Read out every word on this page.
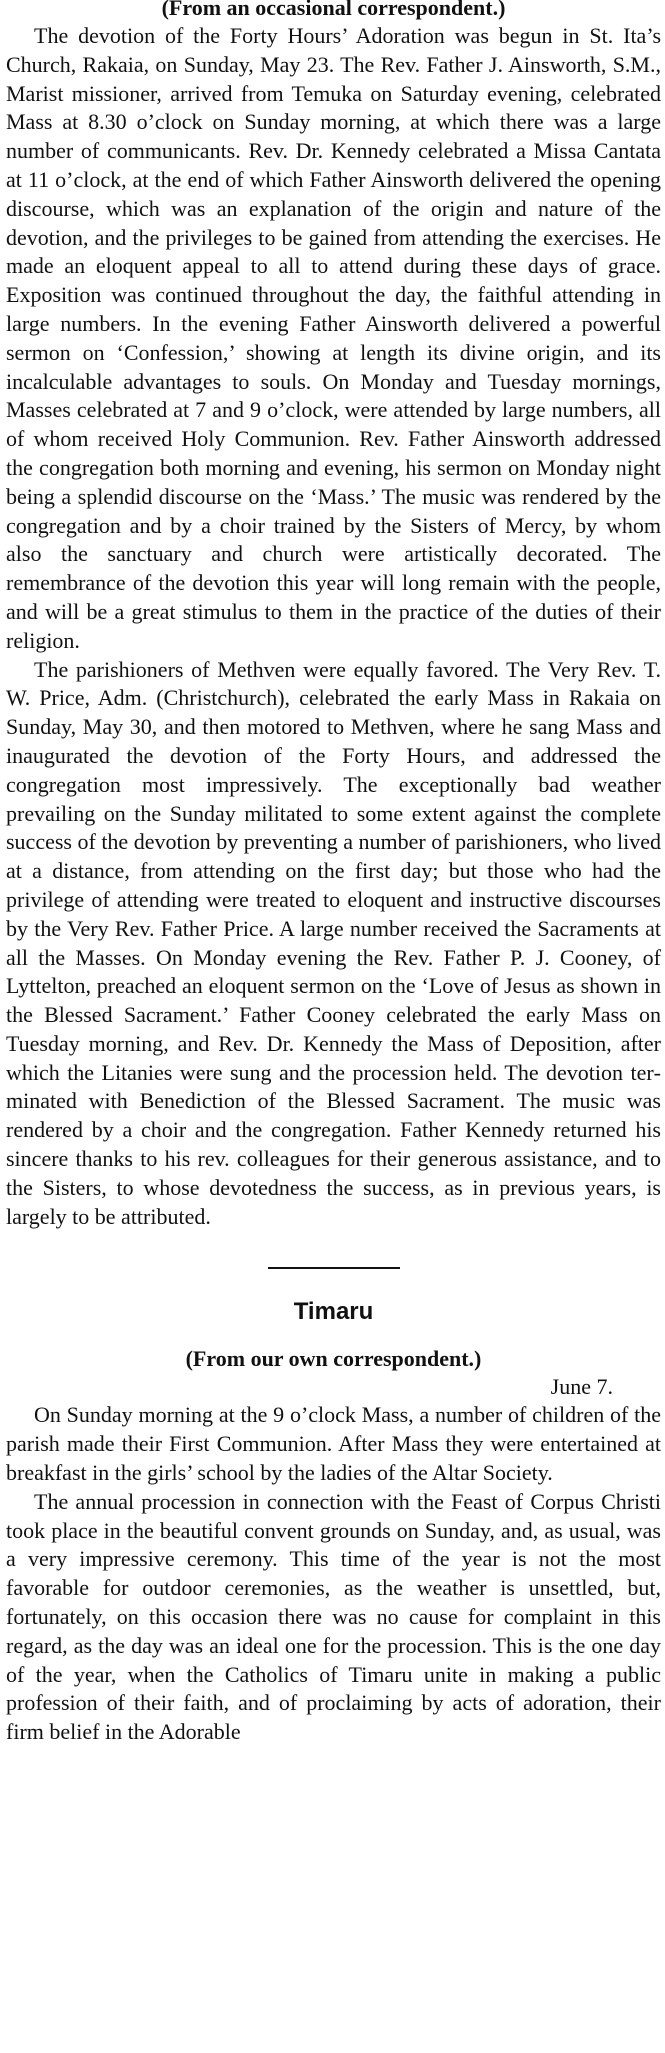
(From an occasional correspondent.)

The devotion of the Forty Hours’ Adoration was begun in St. Ita’s Church, Rakaia, on Sunday, May 23. The Rev. Father J. Ainsworth, S.M., Marist missioner, arrived from Temuka on Saturday evening, celebrated Mass at 8.30 o’clock on Sunday morning, at which there was a large number of communicants. Rev. Dr. Kennedy celebrated a Missa Cantata at 11 o’clock, at the end of which Father Ainsworth delivered the opening discourse, which was an explanation of the origin and nature of the devotion, and the privileges to be gained from attending the exercises. He made an eloquent appeal to all to attend during these days of grace. Exposition was continued throughout the day, the faithful attending in large numbers. In the evening Father Ainsworth delivered a powerful sermon on ‘Confession,’ showing at length its divine origin, and its incalculable advantages to souls. On Monday and Tuesday mornings, Masses celebrated at 7 and 9 o’clock, were attended by large numbers, all of whom received Holy Communion. Rev. Father Ainsworth addressed the congregation both morning and evening, his sermon on Monday night being a splendid discourse on the ‘Mass.’ The music was rendered by the congregation and by a choir trained by the Sisters of Mercy, by whom also the sanctuary and church were artistically decorated. The remembrance of the devotion this year will long remain with the people, and will be a great stimulus to them in the practice of the duties of their religion.

The parishioners of Methven were equally favored. The Very Rev. T. W. Price, Adm. (Christchurch), celebrated the early Mass in Rakaia on Sunday, May 30, and then motored to Methven, where he sang Mass and inaugurated the devotion of the Forty Hours, and addressed the congregation most impressively. The exceptionally bad weather prevailing on the Sunday militated to some extent against the complete success of the devotion by preventing a number of parishioners, who lived at a distance, from attending on the first day; but those who had the privilege of attending were treated to eloquent and instructive discourses by the Very Rev. Father Price. A large number received the Sacraments at all the Masses. On Monday evening the Rev. Father P. J. Cooney, of Lyttelton, preached an eloquent sermon on the ‘Love of Jesus as shown in the Blessed Sacrament.’ Father Cooney celebrated the early Mass on Tuesday morning, and Rev. Dr. Kennedy the Mass of Deposition, after which the Litanies were sung and the procession held. The devotion terminated with Benediction of the Blessed Sacrament. The music was rendered by a choir and the congregation. Father Kennedy returned his sincere thanks to his rev. colleagues for their generous assistance, and to the Sisters, to whose devotedness the success, as in previous years, is largely to be attributed.

Timaru
(From our own correspondent.)
June 7.

On Sunday morning at the 9 o’clock Mass, a number of children of the parish made their First Communion. After Mass they were entertained at breakfast in the girls’ school by the ladies of the Altar Society.

The annual procession in connection with the Feast of Corpus Christi took place in the beautiful convent grounds on Sunday, and, as usual, was a very impressive ceremony. This time of the year is not the most favorable for outdoor ceremonies, as the weather is unsettled, but, fortunately, on this occasion there was no cause for complaint in this regard, as the day was an ideal one for the procession. This is the one day of the year, when the Catholics of Timaru unite in making a public profession of their faith, and of proclaiming by acts of adoration, their firm belief in the Adorable
